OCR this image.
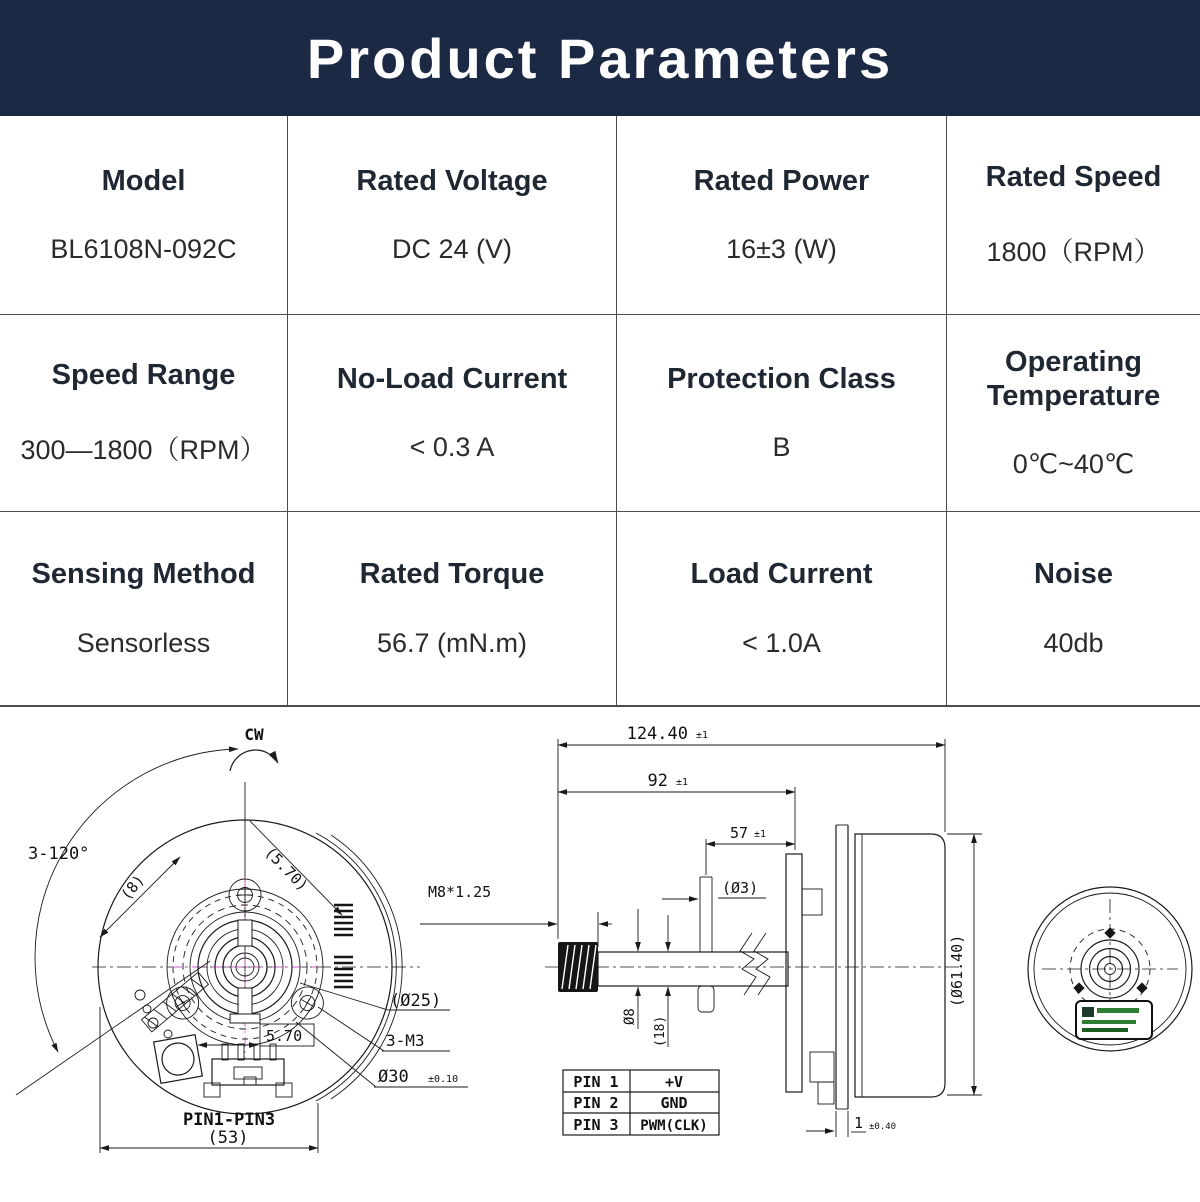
Product Parameters
Model
BL6108N-092C
Rated Voltage
DC 24 (V)
Rated Power
16±3 (W)
Rated Speed
1800（RPM）
Speed Range
300—1800（RPM）
No-Load Current
< 0.3 A
Protection Class
B
Operating Temperature
0℃~40℃
Sensing Method
Sensorless
Rated Torque
56.7 (mN.m)
Load Current
< 1.0A
Noise
40db
CW
3-120°
(8)	(5.70)
5.70
(Ø25)
3-M3
Ø30 ±0.10
PIN1-PIN3
(53)
124.40 ±1
92 ±1
57 ±1
M8*1.25	(Ø3)
Ø8 (18)
(Ø61.40)
1 ±0.40
PIN 1	+V
PIN 2	GND
PIN 3 PWM(CLK)
